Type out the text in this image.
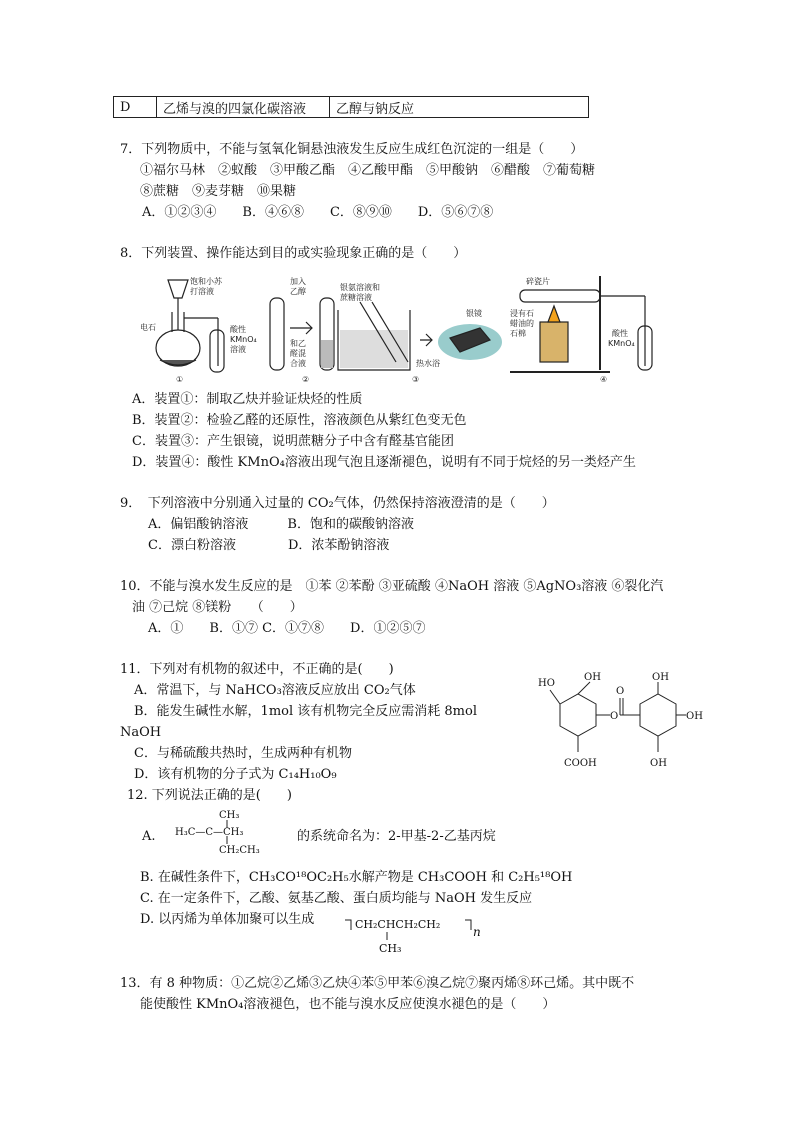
D	乙烯与溴的四氯化碳溶液	乙醇与钠反应
7．下列物质中，不能与氢氧化铜悬浊液发生反应生成红色沉淀的一组是（　　）
①福尔马林　②蚁酸　③甲酸乙酯　④乙酸甲酯　⑤甲酸钠　⑥醋酸　⑦葡萄糖
⑧蔗糖　⑨麦芽糖　⑩果糖
A．①②③④　　B．④⑥⑧　　C．⑧⑨⑩　　D．⑤⑥⑦⑧
8．下列装置、操作能达到目的或实验现象正确的是（　　）
饱和小苏
打溶液
电石	酸性
KMnO₄
溶液
加入
乙醇
和乙
醛混
合液
银氨溶液和
蔗糖溶液
银镜
热水浴
碎瓷片
浸有石
蜡油的
石棉	酸性
KMnO₄
①	②	③	④
A．装置①：制取乙炔并验证炔烃的性质
B．装置②：检验乙醛的还原性，溶液颜色从紫红色变无色
C．装置③：产生银镜，说明蔗糖分子中含有醛基官能团
D．装置④：酸性 KMnO₄溶液出现气泡且逐渐褪色，说明有不同于烷烃的另一类烃产生
9．　下列溶液中分别通入过量的 CO₂气体，仍然保持溶液澄清的是（　　）
A．偏铝酸钠溶液　　　B．饱和的碳酸钠溶液
C．漂白粉溶液　　　　D．浓苯酚钠溶液
10．不能与溴水发生反应的是　①苯 ②苯酚 ③亚硫酸 ④NaOH 溶液 ⑤AgNO₃溶液 ⑥裂化汽
油 ⑦己烷 ⑧镁粉　　（　　）
A．①　　B．①⑦ C．①⑦⑧　　D．①②⑤⑦
11．下列对有机物的叙述中，不正确的是(　　)
A．常温下，与 NaHCO₃溶液反应放出 CO₂气体
B．能发生碱性水解，1mol 该有机物完全反应需消耗 8mol
NaOH
C．与稀硫酸共热时，生成两种有机物
D．该有机物的分子式为 C₁₄H₁₀O₉
HO
OH
O
O
OH
OH
OH
COOH
12. 下列说法正确的是(　　)
A.
CH₃
H₃C—C—CH₃
CH₂CH₃
的系统命名为：2-甲基-2-乙基丙烷
B. 在碱性条件下，CH₃CO¹⁸OC₂H₅水解产物是 CH₃COOH 和 C₂H₅¹⁸OH
C. 在一定条件下，乙酸、氨基乙酸、蛋白质均能与 NaOH 发生反应
D. 以丙烯为单体加聚可以生成	CH₂CHCH₂CH₂
CH₃
n
13．有 8 种物质：①乙烷②乙烯③乙炔④苯⑤甲苯⑥溴乙烷⑦聚丙烯⑧环己烯。其中既不
能使酸性 KMnO₄溶液褪色，也不能与溴水反应使溴水褪色的是（　　）
